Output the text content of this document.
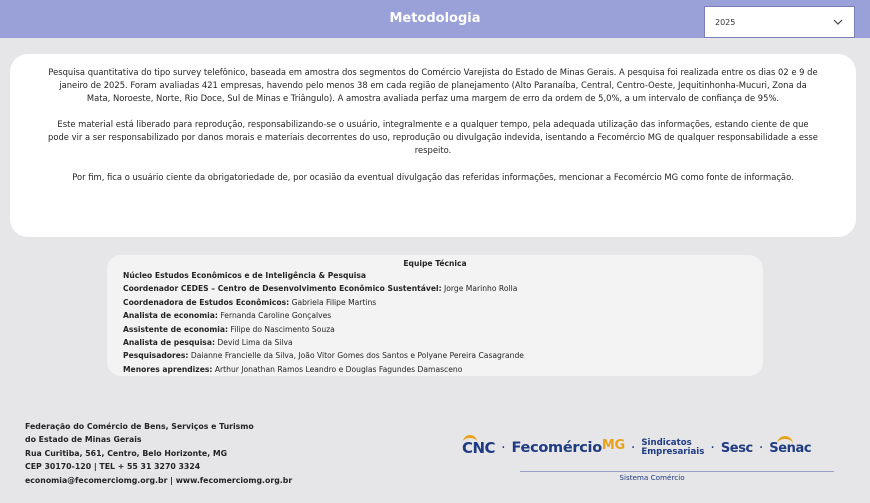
Metodologia	2025

Pesquisa quantitativa do tipo survey telefônico, baseada em amostra dos segmentos do Comércio Varejista do Estado de Minas Gerais. A pesquisa foi realizada entre os dias 02 e 9 de janeiro de 2025. Foram avaliadas 421 empresas, havendo pelo menos 38 em cada região de planejamento (Alto Paranaíba, Central, Centro-Oeste, Jequitinhonha-Mucuri, Zona da Mata, Noroeste, Norte, Rio Doce, Sul de Minas e Triângulo). A amostra avaliada perfaz uma margem de erro da ordem de 5,0%, a um intervalo de confiança de 95%.

Este material está liberado para reprodução, responsabilizando-se o usuário, integralmente e a qualquer tempo, pela adequada utilização das informações, estando ciente de que pode vir a ser responsabilizado por danos morais e materiais decorrentes do uso, reprodução ou divulgação indevida, isentando a Fecomércio MG de qualquer responsabilidade a esse respeito.

Por fim, fica o usuário ciente da obrigatoriedade de, por ocasião da eventual divulgação das referidas informações, mencionar a Fecomércio MG como fonte de informação.

Equipe Técnica
Núcleo Estudos Econômicos e de Inteligência & Pesquisa
Coordenador CEDES – Centro de Desenvolvimento Econômico Sustentável: Jorge Marinho Rolla
Coordenadora de Estudos Econômicos: Gabriela Filipe Martins
Analista de economia: Fernanda Caroline Gonçalves
Assistente de economia: Filipe do Nascimento Souza
Analista de pesquisa: Devid Lima da Silva
Pesquisadores: Daianne Francielle da Silva, João Vitor Gomes dos Santos e Polyane Pereira Casagrande
Menores aprendizes: Arthur Jonathan Ramos Leandro e Douglas Fagundes Damasceno
Federação do Comércio de Bens, Serviços e Turismo
do Estado de Minas Gerais
Rua Curitiba, 561, Centro, Belo Horizonte, MG
CEP 30170-120 | TEL + 55 31 3270 3324
economia@fecomerciomg.org.br | www.fecomerciomg.org.br
CNC · FecomércioMG · Sindicatos
Empresariais · Sesc · Senac
Sistema Comércio
